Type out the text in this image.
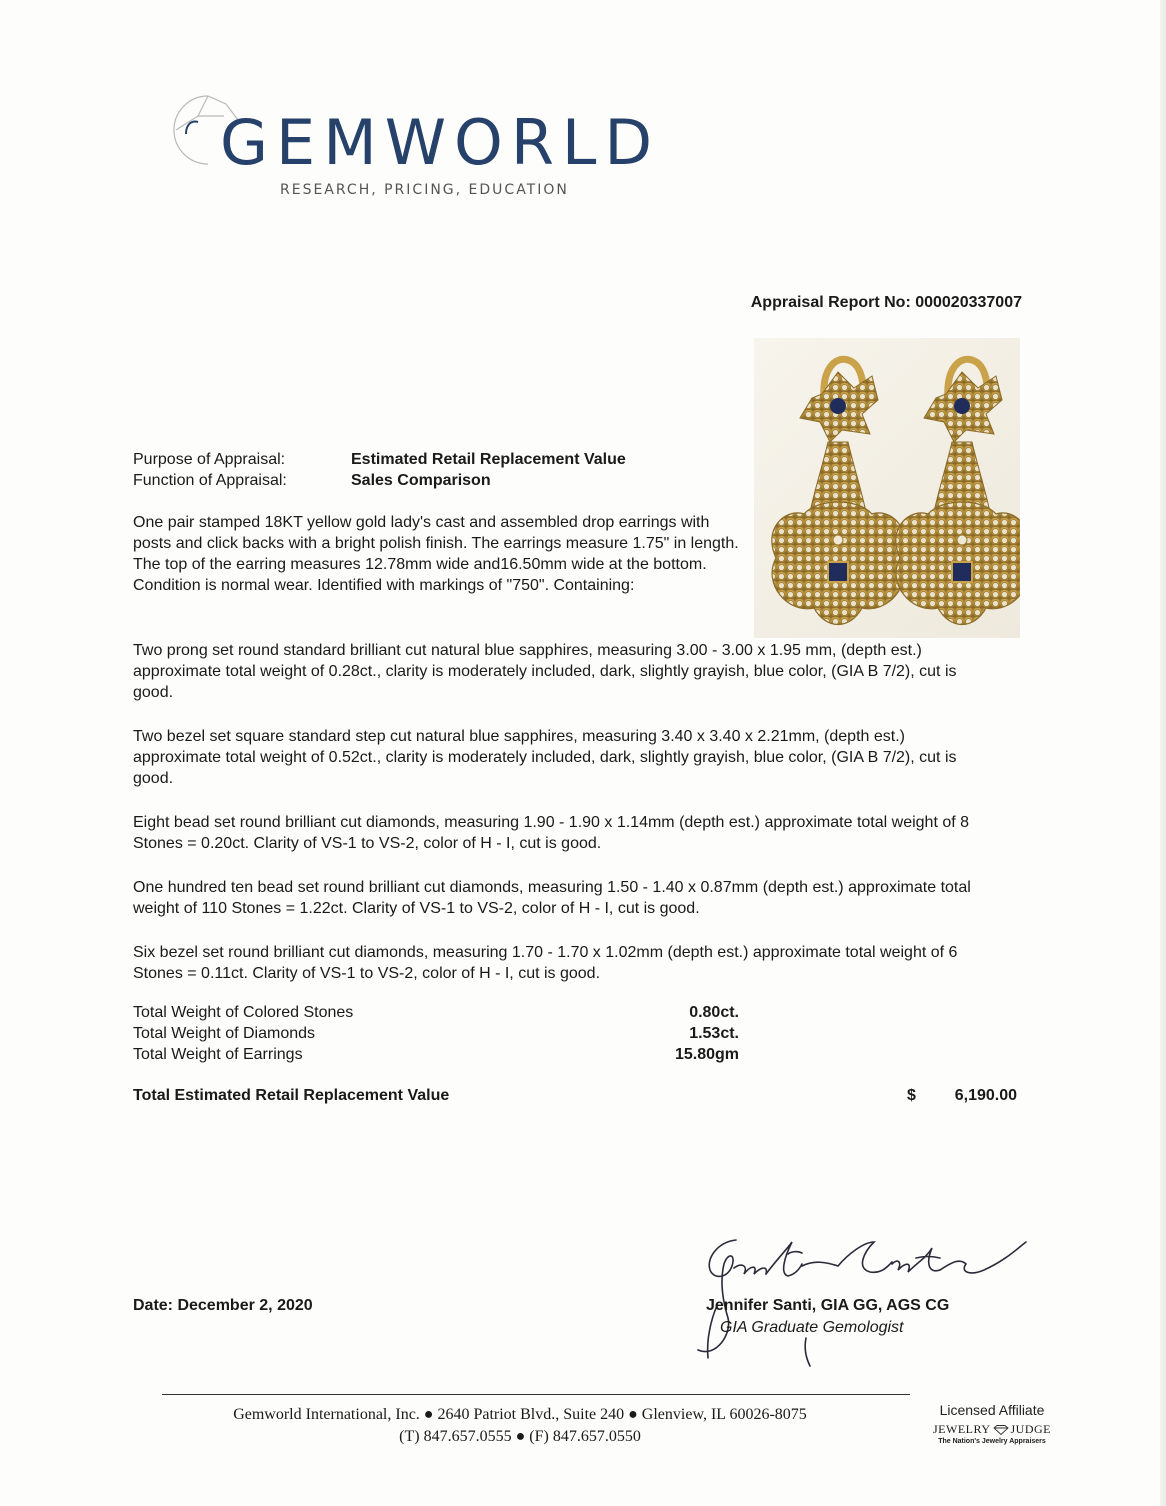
GEMWORLD
RESEARCH, PRICING, EDUCATION
Appraisal Report No: 000020337007
Purpose of Appraisal:	Estimated Retail Replacement Value
Function of Appraisal:	Sales Comparison

One pair stamped 18KT yellow gold lady's cast and assembled drop earrings with posts and click backs with a bright polish finish. The earrings measure 1.75" in length. The top of the earring measures 12.78mm wide and16.50mm wide at the bottom. Condition is normal wear. Identified with markings of "750". Containing:

Two prong set round standard brilliant cut natural blue sapphires, measuring 3.00 - 3.00 x 1.95 mm, (depth est.) approximate total weight of 0.28ct., clarity is moderately included, dark, slightly grayish, blue color, (GIA B 7/2), cut is good.

Two bezel set square standard step cut natural blue sapphires, measuring 3.40 x 3.40 x 2.21mm, (depth est.) approximate total weight of 0.52ct., clarity is moderately included, dark, slightly grayish, blue color, (GIA B 7/2), cut is good.

Eight bead set round brilliant cut diamonds, measuring 1.90 - 1.90 x 1.14mm (depth est.) approximate total weight of 8 Stones = 0.20ct. Clarity of VS-1 to VS-2, color of H - I, cut is good.

One hundred ten bead set round brilliant cut diamonds, measuring 1.50 - 1.40 x 0.87mm (depth est.) approximate total weight of 110 Stones = 1.22ct. Clarity of VS-1 to VS-2, color of H - I, cut is good.

Six bezel set round brilliant cut diamonds, measuring 1.70 - 1.70 x 1.02mm (depth est.) approximate total weight of 6 Stones = 0.11ct. Clarity of VS-1 to VS-2, color of H - I, cut is good.

Total Weight of Colored Stones	0.80ct.
Total Weight of Diamonds	1.53ct.
Total Weight of Earrings	15.80gm
Total Estimated Retail Replacement Value	$	6,190.00
Date: December 2, 2020	Jennifer Santi, GIA GG, AGS CG
GIA Graduate Gemologist
Gemworld International, Inc. ● 2640 Patriot Blvd., Suite 240 ● Glenview, IL 60026-8075
(T) 847.657.0555 ● (F) 847.657.0550
Licensed Affiliate
JEWELRY JUDGE
The Nation's Jewelry Appraisers
